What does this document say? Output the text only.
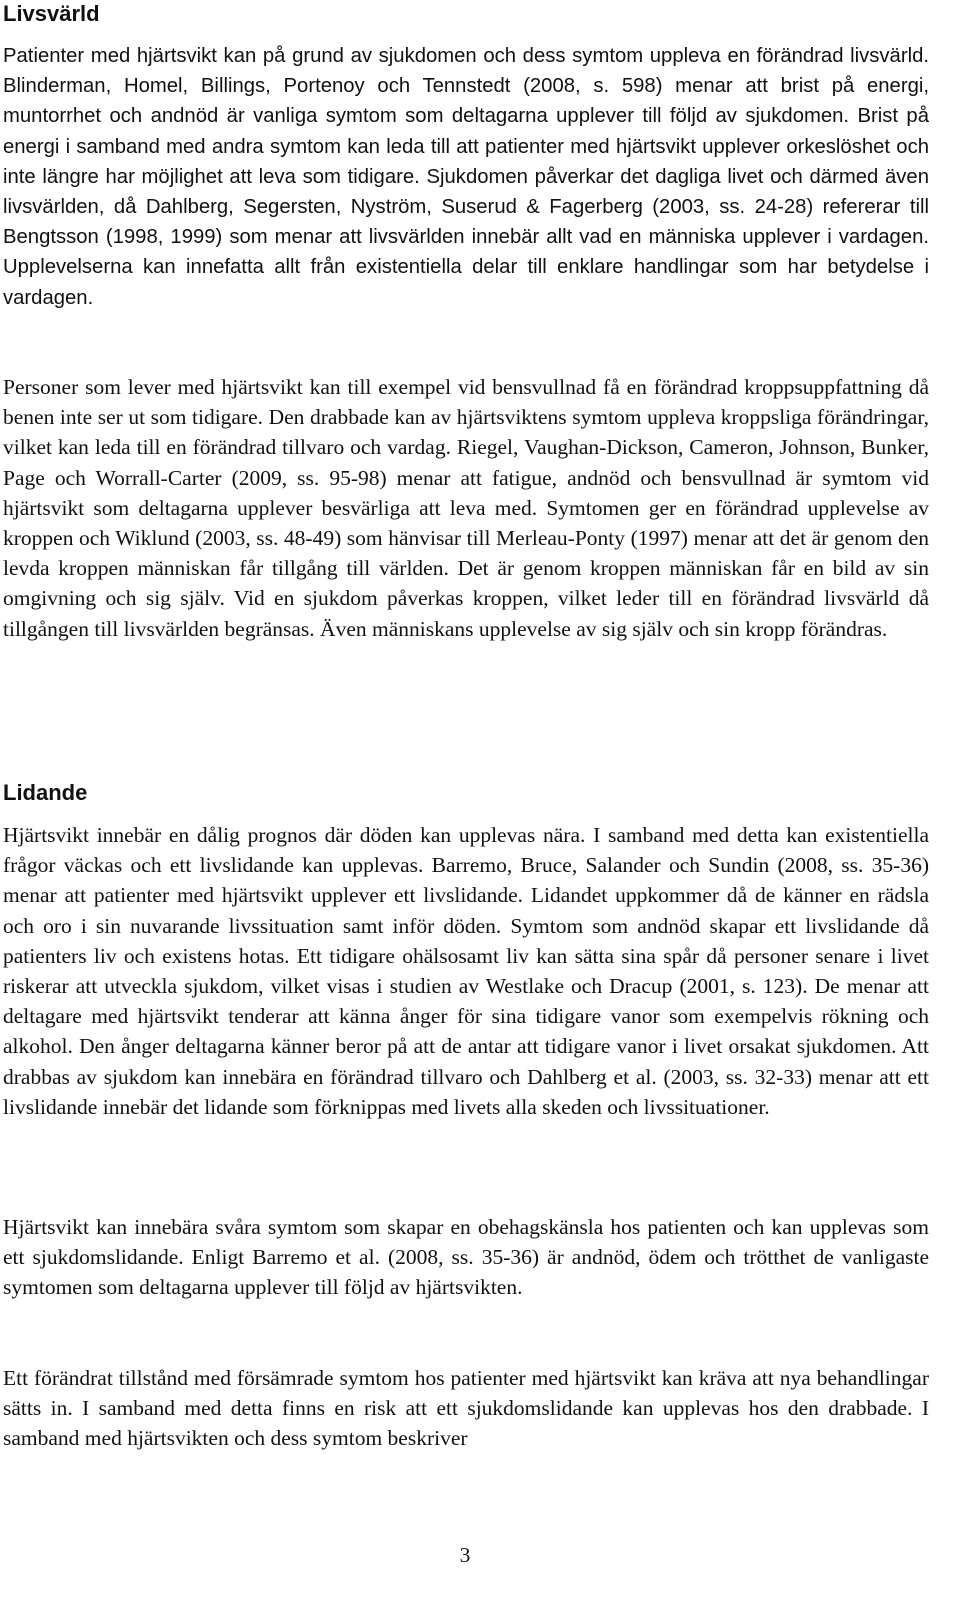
Livsvärld

Patienter med hjärtsvikt kan på grund av sjukdomen och dess symtom uppleva en förändrad livsvärld. Blinderman, Homel, Billings, Portenoy och Tennstedt (2008, s. 598) menar att brist på energi, muntorrhet och andnöd är vanliga symtom som deltagarna upplever till följd av sjukdomen. Brist på energi i samband med andra symtom kan leda till att patienter med hjärtsvikt upplever orkeslöshet och inte längre har möjlighet att leva som tidigare. Sjukdomen påverkar det dagliga livet och därmed även livsvärlden, då Dahlberg, Segersten, Nyström, Suserud & Fagerberg (2003, ss. 24-28) refererar till Bengtsson (1998, 1999) som menar att livsvärlden innebär allt vad en människa upplever i vardagen. Upplevelserna kan innefatta allt från existentiella delar till enklare handlingar som har betydelse i vardagen.

Personer som lever med hjärtsvikt kan till exempel vid bensvullnad få en förändrad kroppsuppfattning då benen inte ser ut som tidigare. Den drabbade kan av hjärtsviktens symtom uppleva kroppsliga förändringar, vilket kan leda till en förändrad tillvaro och vardag. Riegel, Vaughan-Dickson, Cameron, Johnson, Bunker, Page och Worrall-Carter (2009, ss. 95-98) menar att fatigue, andnöd och bensvullnad är symtom vid hjärtsvikt som deltagarna upplever besvärliga att leva med. Symtomen ger en förändrad upplevelse av kroppen och Wiklund (2003, ss. 48-49) som hänvisar till Merleau-Ponty (1997) menar att det är genom den levda kroppen människan får tillgång till världen. Det är genom kroppen människan får en bild av sin omgivning och sig själv. Vid en sjukdom påverkas kroppen, vilket leder till en förändrad livsvärld då tillgången till livsvärlden begränsas. Även människans upplevelse av sig själv och sin kropp förändras.

Lidande

Hjärtsvikt innebär en dålig prognos där döden kan upplevas nära. I samband med detta kan existentiella frågor väckas och ett livslidande kan upplevas. Barremo, Bruce, Salander och Sundin (2008, ss. 35-36) menar att patienter med hjärtsvikt upplever ett livslidande. Lidandet uppkommer då de känner en rädsla och oro i sin nuvarande livssituation samt inför döden. Symtom som andnöd skapar ett livslidande då patienters liv och existens hotas. Ett tidigare ohälsosamt liv kan sätta sina spår då personer senare i livet riskerar att utveckla sjukdom, vilket visas i studien av Westlake och Dracup (2001, s. 123). De menar att deltagare med hjärtsvikt tenderar att känna ånger för sina tidigare vanor som exempelvis rökning och alkohol. Den ånger deltagarna känner beror på att de antar att tidigare vanor i livet orsakat sjukdomen. Att drabbas av sjukdom kan innebära en förändrad tillvaro och Dahlberg et al. (2003, ss. 32-33) menar att ett livslidande innebär det lidande som förknippas med livets alla skeden och livssituationer.

Hjärtsvikt kan innebära svåra symtom som skapar en obehagskänsla hos patienten och kan upplevas som ett sjukdomslidande. Enligt Barremo et al. (2008, ss. 35-36) är andnöd, ödem och trötthet de vanligaste symtomen som deltagarna upplever till följd av hjärtsvikten.

Ett förändrat tillstånd med försämrade symtom hos patienter med hjärtsvikt kan kräva att nya behandlingar sätts in. I samband med detta finns en risk att ett sjukdomslidande kan upplevas hos den drabbade. I samband med hjärtsvikten och dess symtom beskriver

3
